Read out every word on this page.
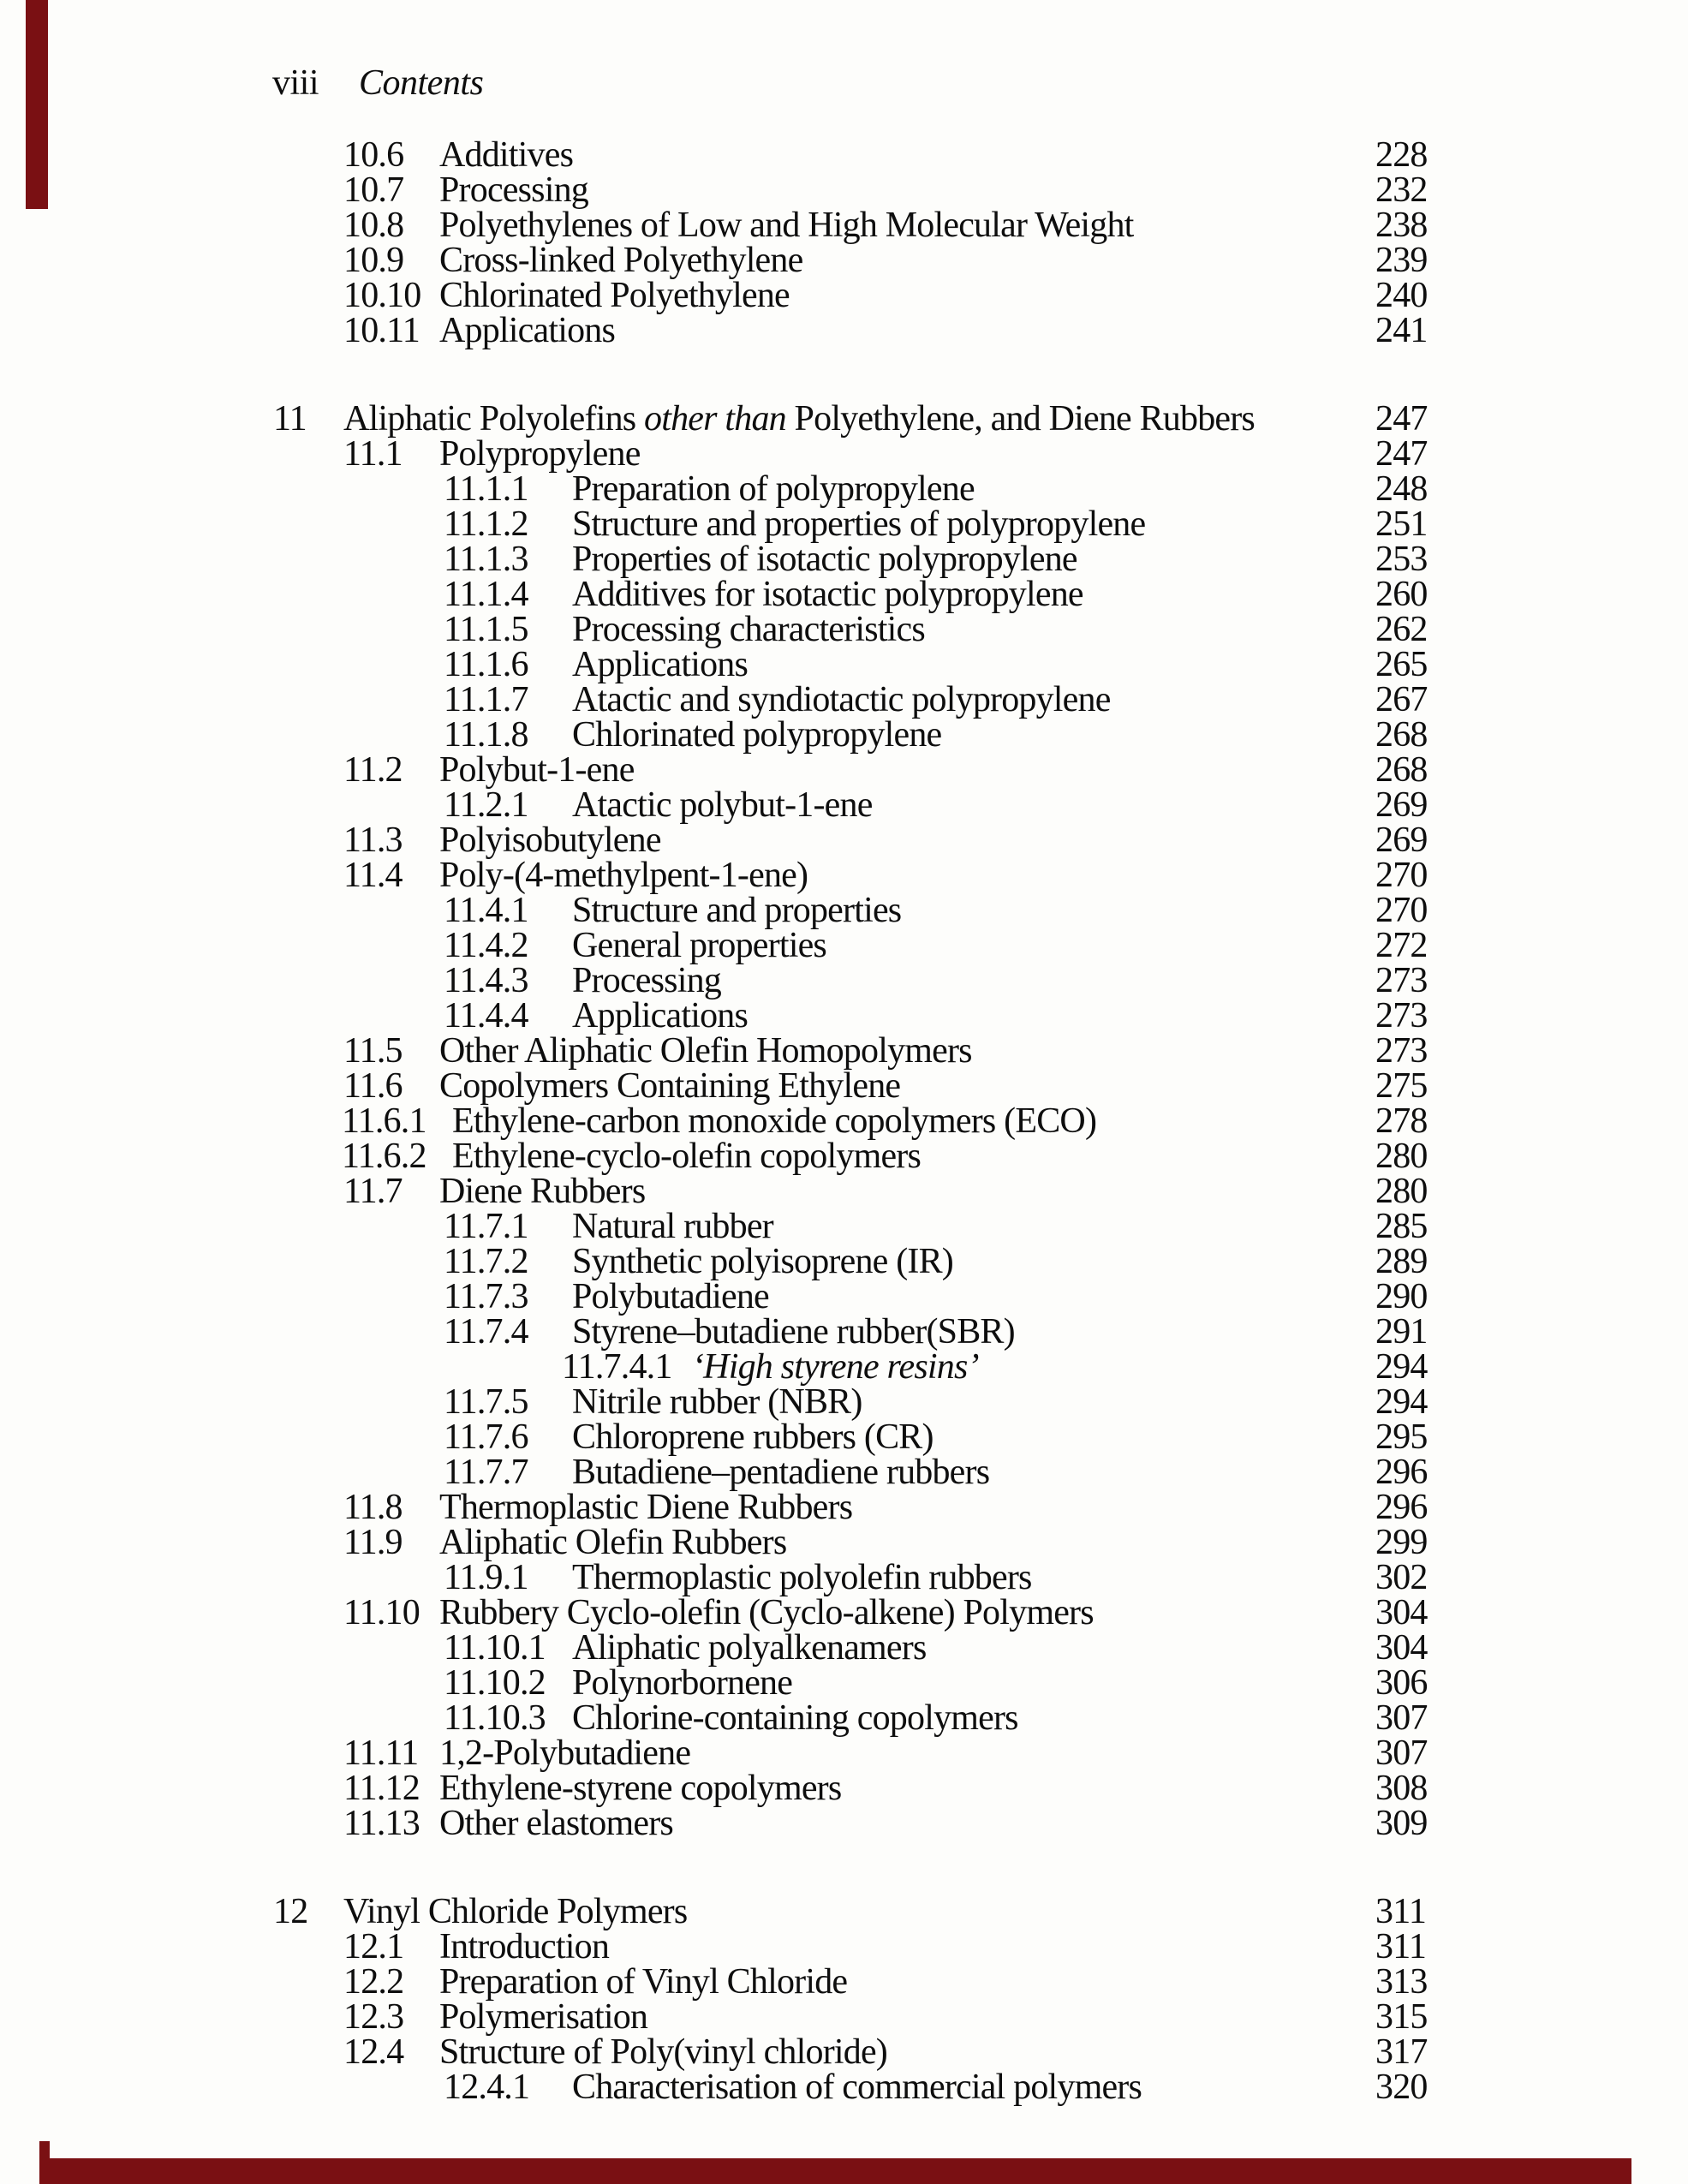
viii Contents
10.6 Additives	228
10.7 Processing	232
10.8 Polyethylenes of Low and High Molecular Weight	238
10.9 Cross-linked Polyethylene	239
10.10 Chlorinated Polyethylene	240
10.11 Applications	241
11 Aliphatic Polyolefins other than Polyethylene, and Diene Rubbers	247
11.1 Polypropylene	247
11.1.1 Preparation of polypropylene	248
11.1.2 Structure and properties of polypropylene	251
11.1.3 Properties of isotactic polypropylene	253
11.1.4 Additives for isotactic polypropylene	260
11.1.5 Processing characteristics	262
11.1.6 Applications	265
11.1.7 Atactic and syndiotactic polypropylene	267
11.1.8 Chlorinated polypropylene	268
11.2 Polybut-1-ene	268
11.2.1 Atactic polybut-1-ene	269
11.3 Polyisobutylene	269
11.4 Poly-(4-methylpent-1-ene)	270
11.4.1 Structure and properties	270
11.4.2 General properties	272
11.4.3 Processing	273
11.4.4 Applications	273
11.5 Other Aliphatic Olefin Homopolymers	273
11.6 Copolymers Containing Ethylene	275
11.6.1 Ethylene-carbon monoxide copolymers (ECO)	278
11.6.2 Ethylene-cyclo-olefin copolymers	280
11.7 Diene Rubbers	280
11.7.1 Natural rubber	285
11.7.2 Synthetic polyisoprene (IR)	289
11.7.3 Polybutadiene	290
11.7.4 Styrene–butadiene rubber(SBR)	291
11.7.4.1 ‘High styrene resins’	294
11.7.5 Nitrile rubber (NBR)	294
11.7.6 Chloroprene rubbers (CR)	295
11.7.7 Butadiene–pentadiene rubbers	296
11.8 Thermoplastic Diene Rubbers	296
11.9 Aliphatic Olefin Rubbers	299
11.9.1 Thermoplastic polyolefin rubbers	302
11.10 Rubbery Cyclo-olefin (Cyclo-alkene) Polymers	304
11.10.1 Aliphatic polyalkenamers	304
11.10.2 Polynorbornene	306
11.10.3 Chlorine-containing copolymers	307
11.11 1,2-Polybutadiene	307
11.12 Ethylene-styrene copolymers	308
11.13 Other elastomers	309
12 Vinyl Chloride Polymers	311
12.1 Introduction	311
12.2 Preparation of Vinyl Chloride	313
12.3 Polymerisation	315
12.4 Structure of Poly(vinyl chloride)	317
12.4.1 Characterisation of commercial polymers	320
